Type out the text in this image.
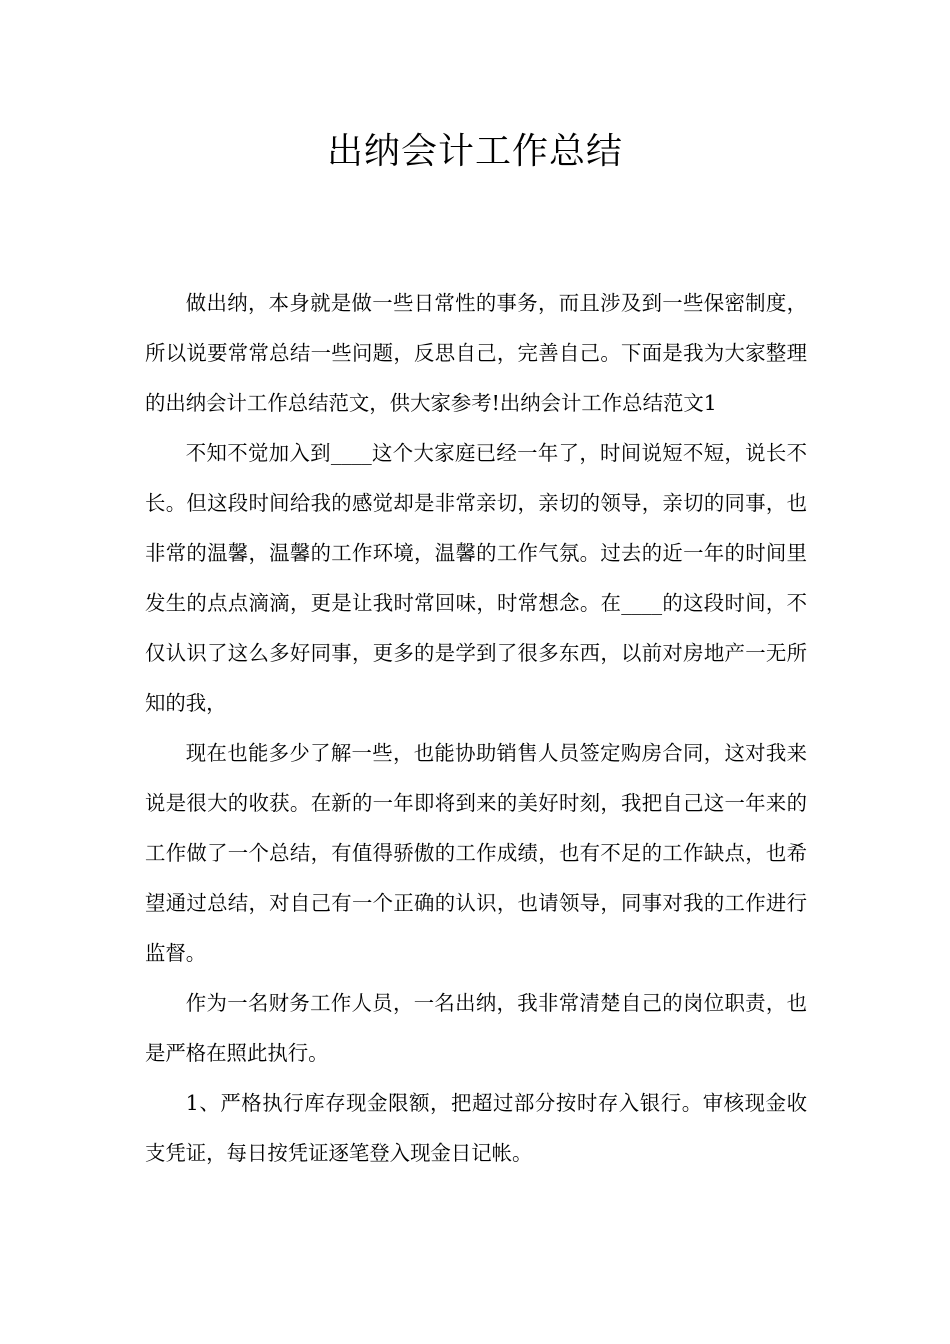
出纳会计工作总结

做出纳，本身就是做一些日常性的事务，而且涉及到一些保密制度，所以说要常常总结一些问题，反思自己，完善自己。下面是我为大家整理的出纳会计工作总结范文，供大家参考!出纳会计工作总结范文1

不知不觉加入到____这个大家庭已经一年了，时间说短不短，说长不长。但这段时间给我的感觉却是非常亲切，亲切的领导，亲切的同事，也非常的温馨，温馨的工作环境，温馨的工作气氛。过去的近一年的时间里发生的点点滴滴，更是让我时常回味，时常想念。在____的这段时间，不仅认识了这么多好同事，更多的是学到了很多东西，以前对房地产一无所知的我，

现在也能多少了解一些，也能协助销售人员签定购房合同，这对我来说是很大的收获。在新的一年即将到来的美好时刻，我把自己这一年来的工作做了一个总结，有值得骄傲的工作成绩，也有不足的工作缺点，也希望通过总结，对自己有一个正确的认识，也请领导，同事对我的工作进行监督。

作为一名财务工作人员，一名出纳，我非常清楚自己的岗位职责，也是严格在照此执行。

1、严格执行库存现金限额，把超过部分按时存入银行。审核现金收支凭证，每日按凭证逐笔登入现金日记帐。
